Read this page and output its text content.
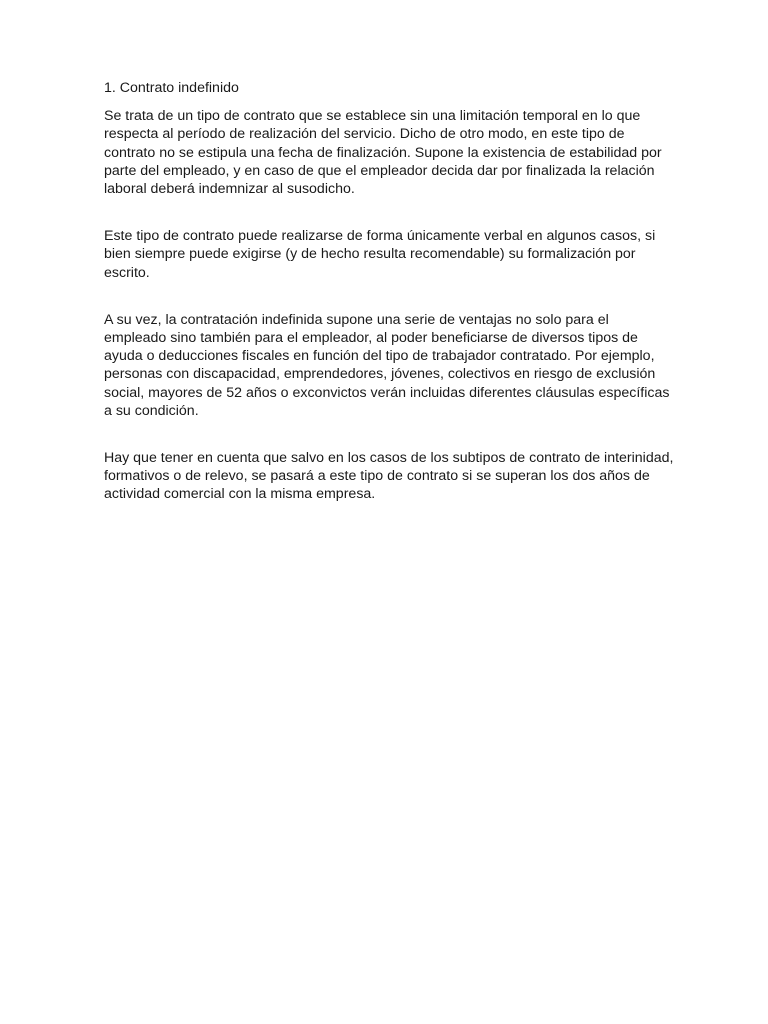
1. Contrato indefinido

Se trata de un tipo de contrato que se establece sin una limitación temporal en lo que respecta al período de realización del servicio. Dicho de otro modo, en este tipo de contrato no se estipula una fecha de finalización. Supone la existencia de estabilidad por parte del empleado, y en caso de que el empleador decida dar por finalizada la relación laboral deberá indemnizar al susodicho.

Este tipo de contrato puede realizarse de forma únicamente verbal en algunos casos, si bien siempre puede exigirse (y de hecho resulta recomendable) su formalización por escrito.

A su vez, la contratación indefinida supone una serie de ventajas no solo para el empleado sino también para el empleador, al poder beneficiarse de diversos tipos de ayuda o deducciones fiscales en función del tipo de trabajador contratado. Por ejemplo, personas con discapacidad, emprendedores, jóvenes, colectivos en riesgo de exclusión social, mayores de 52 años o exconvictos verán incluidas diferentes cláusulas específicas a su condición.

Hay que tener en cuenta que salvo en los casos de los subtipos de contrato de interinidad, formativos o de relevo, se pasará a este tipo de contrato si se superan los dos años de actividad comercial con la misma empresa.
